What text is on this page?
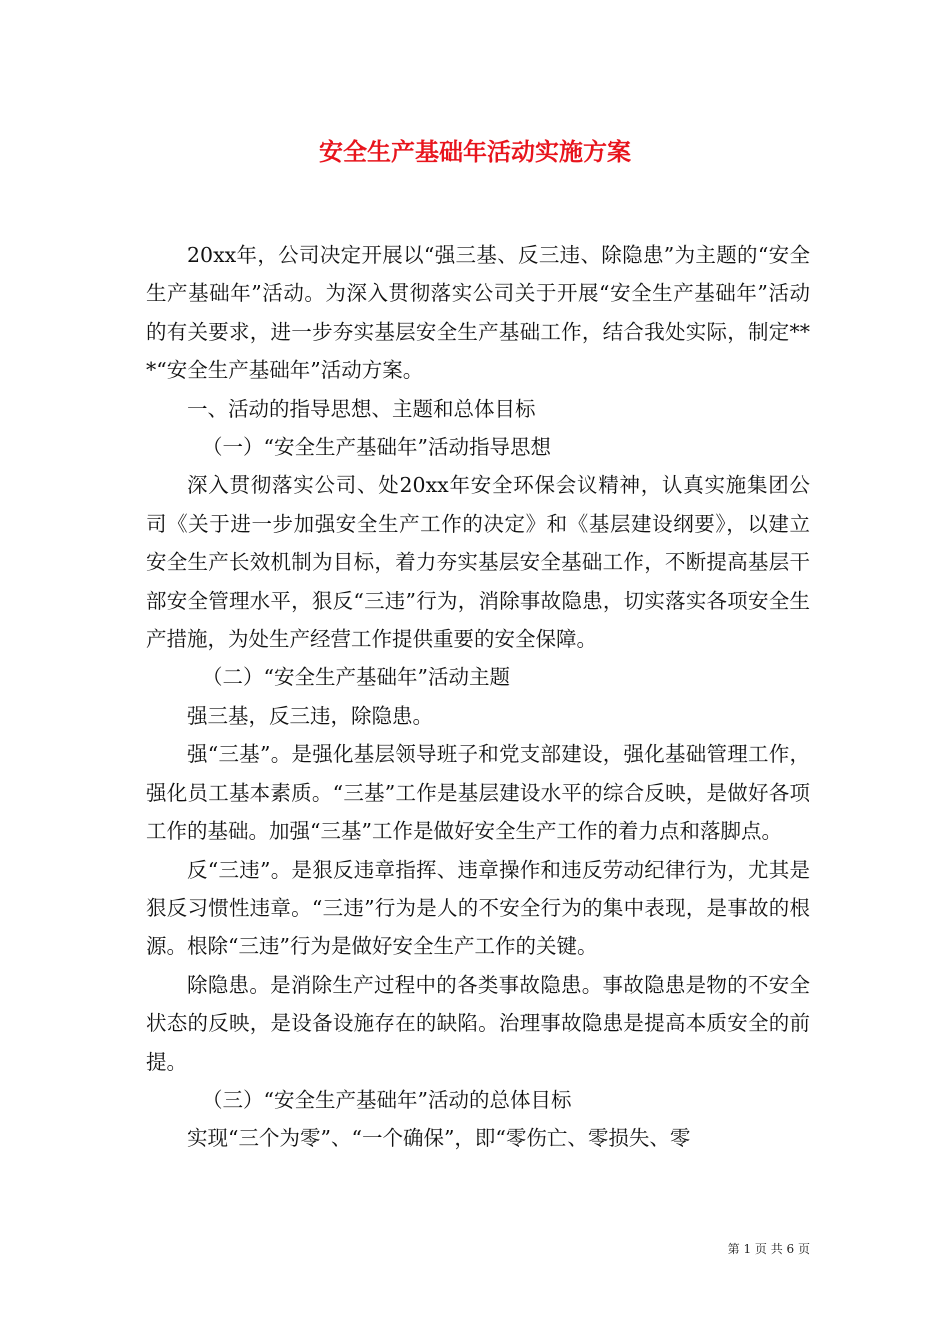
安全生产基础年活动实施方案

20xx年，公司决定开展以“强三基、反三违、除隐患”为主题的“安全生产基础年”活动。为深入贯彻落实公司关于开展“安全生产基础年”活动的有关要求，进一步夯实基层安全生产基础工作，结合我处实际，制定***“安全生产基础年”活动方案。

一、活动的指导思想、主题和总体目标

（一）“安全生产基础年”活动指导思想

深入贯彻落实公司、处20xx年安全环保会议精神，认真实施集团公司《关于进一步加强安全生产工作的决定》和《基层建设纲要》，以建立安全生产长效机制为目标，着力夯实基层安全基础工作，不断提高基层干部安全管理水平，狠反“三违”行为，消除事故隐患，切实落实各项安全生产措施，为处生产经营工作提供重要的安全保障。

（二）“安全生产基础年”活动主题

强三基，反三违，除隐患。

强“三基”。是强化基层领导班子和党支部建设，强化基础管理工作，强化员工基本素质。“三基”工作是基层建设水平的综合反映，是做好各项工作的基础。加强“三基”工作是做好安全生产工作的着力点和落脚点。

反“三违”。是狠反违章指挥、违章操作和违反劳动纪律行为，尤其是狠反习惯性违章。“三违”行为是人的不安全行为的集中表现，是事故的根源。根除“三违”行为是做好安全生产工作的关键。

除隐患。是消除生产过程中的各类事故隐患。事故隐患是物的不安全状态的反映，是设备设施存在的缺陷。治理事故隐患是提高本质安全的前提。

（三）“安全生产基础年”活动的总体目标

实现“三个为零”、“一个确保”，即“零伤亡、零损失、零

第 1 页 共 6 页
